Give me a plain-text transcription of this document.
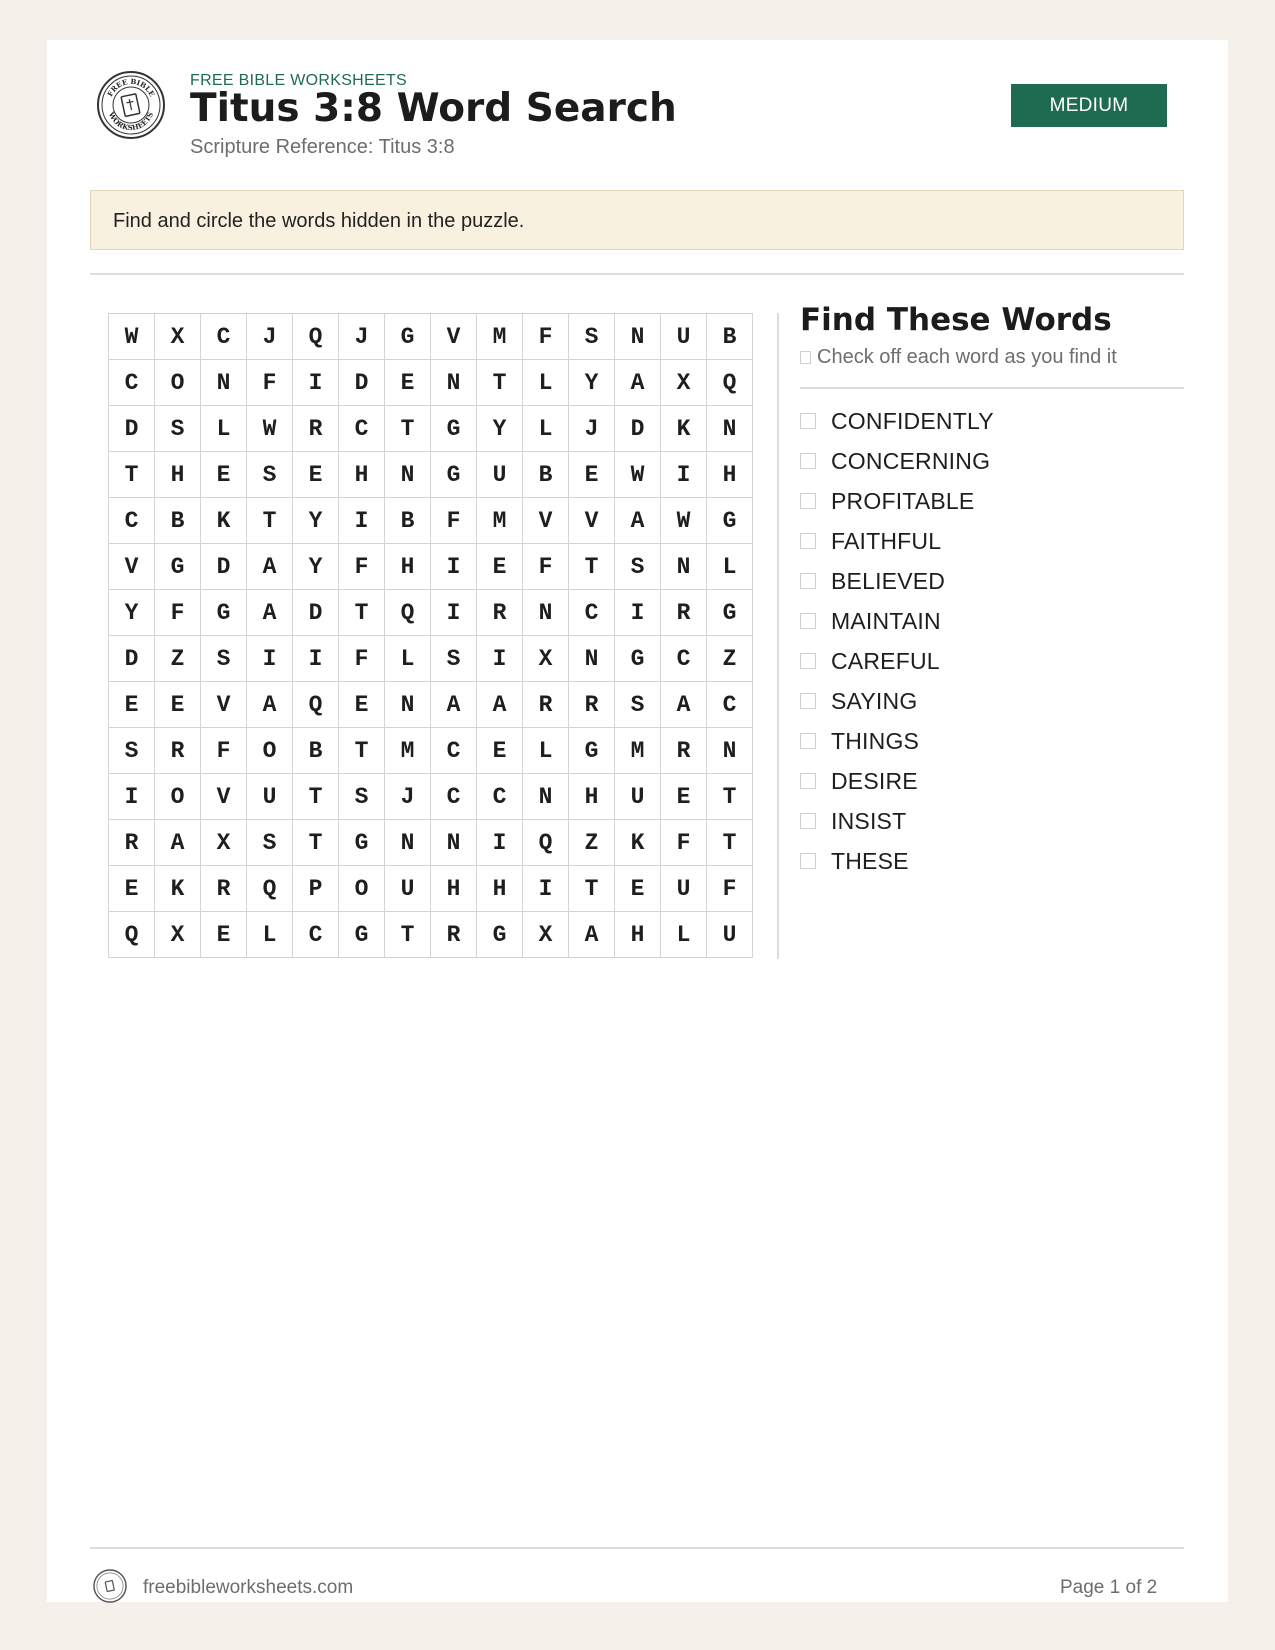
FREE BIBLE
WORKSHEETS
FREE BIBLE WORKSHEETS
Titus 3:8 Word Search
Scripture Reference: Titus 3:8
MEDIUM
Find and circle the words hidden in the puzzle.
W	X	C	J	Q	J	G	V	M	F	S	N	U	B
C	O	N	F	I	D	E	N	T	L	Y	A	X	Q
D	S	L	W	R	C	T	G	Y	L	J	D	K	N
T	H	E	S	E	H	N	G	U	B	E	W	I	H
C	B	K	T	Y	I	B	F	M	V	V	A	W	G
V	G	D	A	Y	F	H	I	E	F	T	S	N	L
Y	F	G	A	D	T	Q	I	R	N	C	I	R	G
D	Z	S	I	I	F	L	S	I	X	N	G	C	Z
E	E	V	A	Q	E	N	A	A	R	R	S	A	C
S	R	F	O	B	T	M	C	E	L	G	M	R	N
I	O	V	U	T	S	J	C	C	N	H	U	E	T
R	A	X	S	T	G	N	N	I	Q	Z	K	F	T
E	K	R	Q	P	O	U	H	H	I	T	E	U	F
Q	X	E	L	C	G	T	R	G	X	A	H	L	U
Find These Words
Check off each word as you find it
CONFIDENTLY
CONCERNING
PROFITABLE
FAITHFUL
BELIEVED
MAINTAIN
CAREFUL
SAYING
THINGS
DESIRE
INSIST
THESE
freebibleworksheets.com	Page 1 of 2
